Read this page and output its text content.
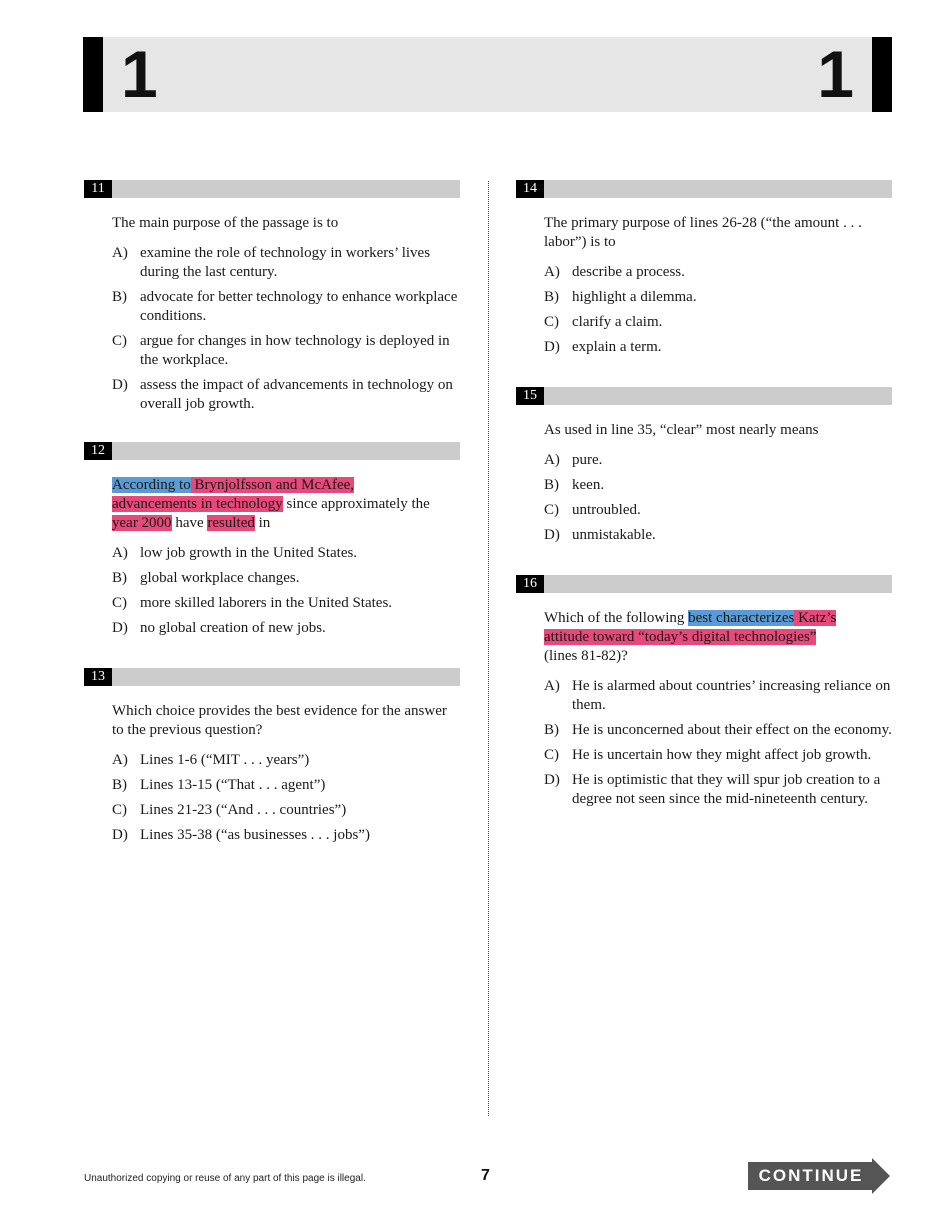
1	1
11
The main purpose of the passage is to
A) examine the role of technology in workers’ lives during the last century.
B) advocate for better technology to enhance workplace conditions.
C) argue for changes in how technology is deployed in the workplace.
D) assess the impact of advancements in technology on overall job growth.
12
According to Brynjolfsson and McAfee,
advancements in technology since approximately the
year 2000 have resulted in
A) low job growth in the United States.
B) global workplace changes.
C) more skilled laborers in the United States.
D) no global creation of new jobs.
13
Which choice provides the best evidence for the answer to the previous question?
A) Lines 1-6 (“MIT . . . years”)
B) Lines 13-15 (“That . . . agent”)
C) Lines 21-23 (“And . . . countries”)
D) Lines 35-38 (“as businesses . . . jobs”)
14
The primary purpose of lines 26-28 (“the amount . . . labor”) is to
A) describe a process.
B) highlight a dilemma.
C) clarify a claim.
D) explain a term.
15
As used in line 35, “clear” most nearly means
A) pure.
B) keen.
C) untroubled.
D) unmistakable.
16
Which of the following best characterizes Katz’s
attitude toward “today’s digital technologies”
(lines 81-82)?
A) He is alarmed about countries’ increasing reliance on them.
B) He is unconcerned about their effect on the economy.
C) He is uncertain how they might affect job growth.
D) He is optimistic that they will spur job creation to a degree not seen since the mid-nineteenth century.
Unauthorized copying or reuse of any part of this page is illegal.	7	CONTINUE
